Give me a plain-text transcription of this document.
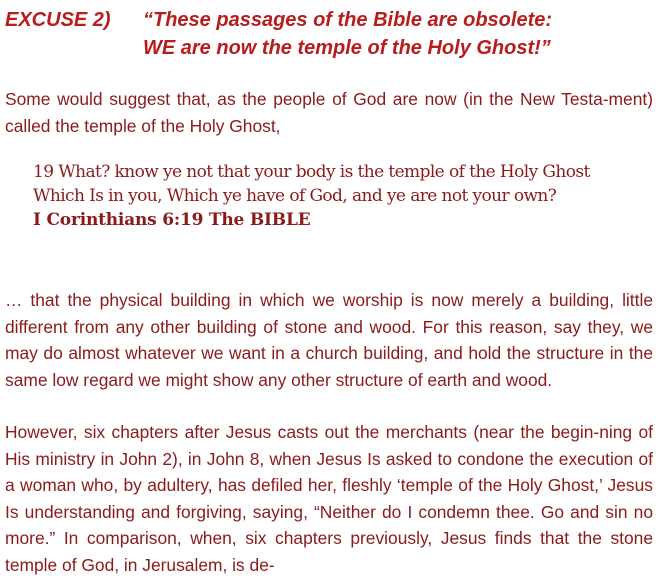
EXCUSE 2) “These passages of the Bible are obsolete:
WE are now the temple of the Holy Ghost!”

Some would suggest that, as the people of God are now (in the New Testa-ment) called the temple of the Holy Ghost,

19 What? know ye not that your body is the temple of the Holy Ghost
Which Is in you, Which ye have of God, and ye are not your own?
I Corinthians 6:19 The BIBLE

… that the physical building in which we worship is now merely a building, little different from any other building of stone and wood. For this reason, say they, we may do almost whatever we want in a church building, and hold the structure in the same low regard we might show any other structure of earth and wood.

However, six chapters after Jesus casts out the merchants (near the begin-ning of His ministry in John 2), in John 8, when Jesus Is asked to condone the execution of a woman who, by adultery, has defiled her, fleshly ‘temple of the Holy Ghost,’ Jesus Is understanding and forgiving, saying, “Neither do I condemn thee. Go and sin no more.” In comparison, when, six chapters previously, Jesus finds that the stone temple of God, in Jerusalem, is de-
